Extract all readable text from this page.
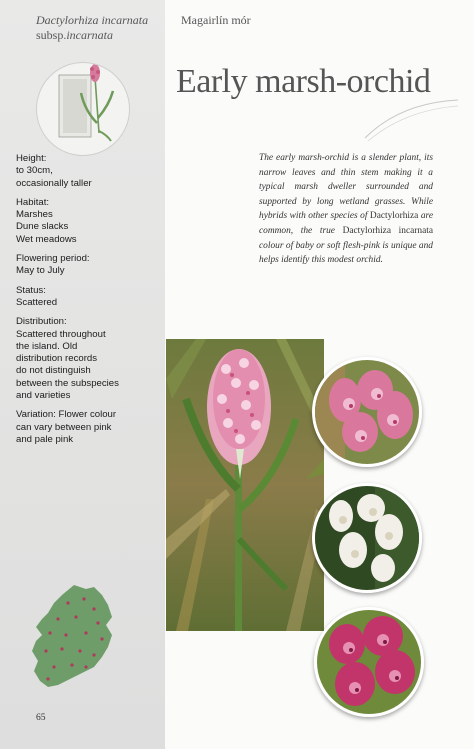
Dactylorhiza incarnata
subsp.incarnata
Magairlín mór
Early marsh-orchid
Height:
to 30cm,
occasionally taller
Habitat:
Marshes
Dune slacks
Wet meadows
Flowering period:
May to July
Status:
Scattered
Distribution:
Scattered throughout
the island. Old
distribution records
do not distinguish
between the subspecies
and varieties
Variation: Flower colour
can vary between pink
and pale pink
The early marsh-orchid is a slender plant, its narrow leaves and thin stem making it a typical marsh dweller surrounded and supported by long wetland grasses. While hybrids with other species of Dactylorhiza are common, the true Dactylorhiza incarnata colour of baby or soft flesh-pink is unique and helps identify this modest orchid.
65
